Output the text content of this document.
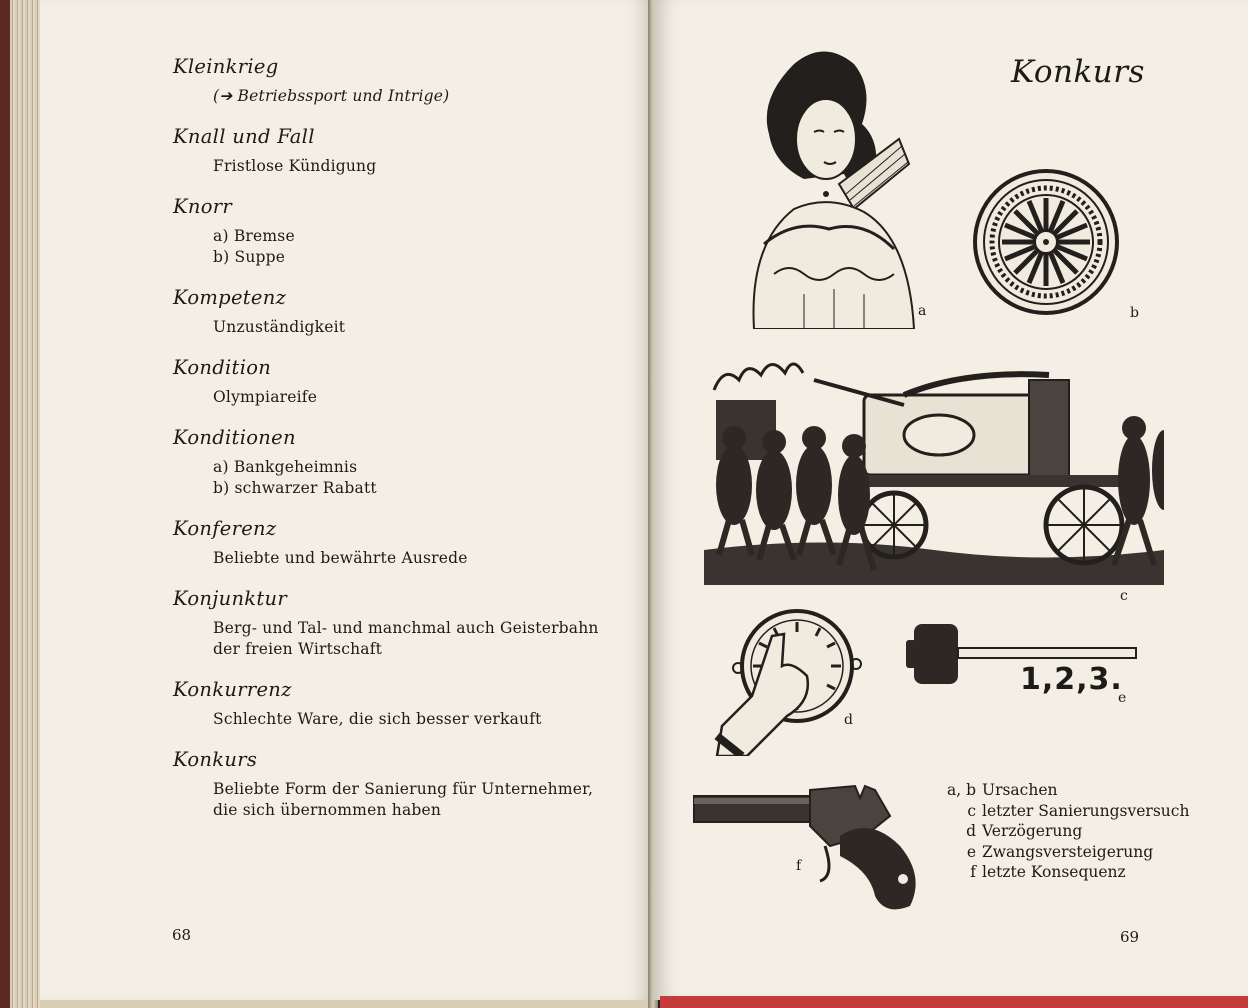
Kleinkrieg
(➔ Betriebssport und Intrige)
Knall und Fall
Fristlose Kündigung
Knorr
a) Bremse
b) Suppe
Kompetenz
Unzuständigkeit
Kondition
Olympiareife
Konditionen
a) Bankgeheimnis
b) schwarzer Rabatt
Konferenz
Beliebte und bewährte Ausrede
Konjunktur
Berg- und Tal- und manchmal auch Geisterbahn
der freien Wirtschaft
Konkurrenz
Schlechte Ware, die sich besser verkauft
Konkurs
Beliebte Form der Sanierung für Unternehmer,
die sich übernommen haben
68
Konkurs
a	b
c
d
1,2,3.
e
f
a, b Ursachen
c letzter Sanierungsversuch
d Verzögerung
e Zwangsversteigerung
f letzte Konsequenz
69
